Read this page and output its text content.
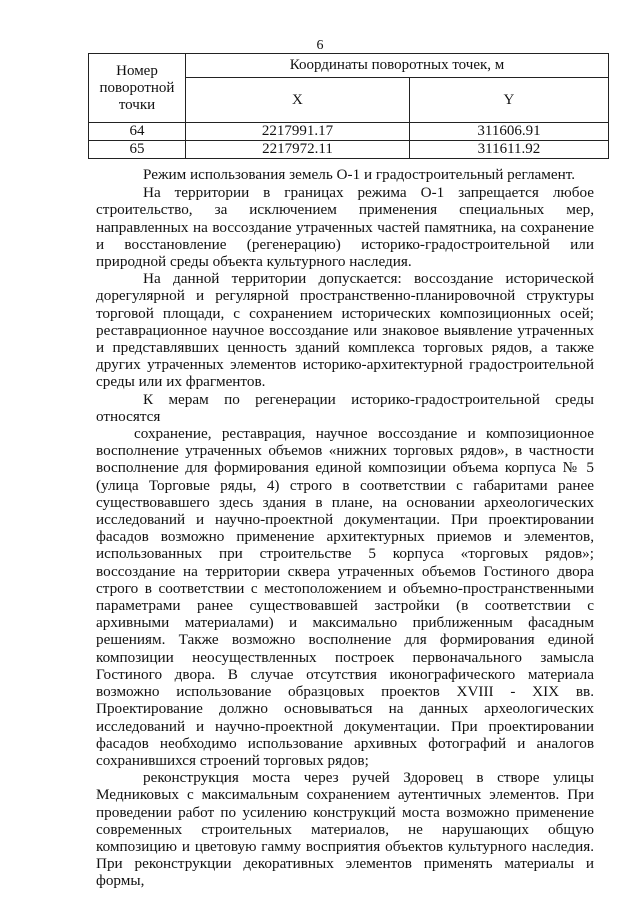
6
Номер
поворотной
точки	Координаты поворотных точек, м	
	X	Y
64	2217991.17	311606.91
65	2217972.11	311611.92

Режим использования земель О-1 и градостроительный регламент.

На территории в границах режима О-1 запрещается любое строительство, за исключением применения специальных мер, направленных на воссоздание утраченных частей памятника, на сохранение и восстановление (регенерацию) историко-градостроительной или природной среды объекта культурного наследия.

На данной территории допускается: воссоздание исторической дорегулярной и регулярной пространственно-планировочной структуры торговой площади, с сохранением исторических композиционных осей; реставрационное научное воссоздание или знаковое выявление утраченных и представлявших ценность зданий комплекса торговых рядов, а также других утраченных элементов историко-архитектурной градостроительной среды или их фрагментов.

К мерам по регенерации историко-градостроительной среды относятся

сохранение, реставрация, научное воссоздание и композиционное восполнение утраченных объемов «нижних торговых рядов», в частности восполнение для формирования единой композиции объема корпуса № 5 (улица Торговые ряды, 4) строго в соответствии с габаритами ранее существовавшего здесь здания в плане, на основании археологических исследований и научно-проектной документации. При проектировании фасадов возможно применение архитектурных приемов и элементов, использованных при строительстве 5 корпуса «торговых рядов»; воссоздание на территории сквера утраченных объемов Гостиного двора строго в соответствии с местоположением и объемно-пространственными параметрами ранее существовавшей застройки (в соответствии с архивными материалами) и максимально приближенным фасадным решениям. Также возможно восполнение для формирования единой композиции неосуществленных построек первоначального замысла Гостиного двора. В случае отсутствия иконографического материала возможно использование образцовых проектов XVIII - XIX вв. Проектирование должно основываться на данных археологических исследований и научно-проектной документации. При проектировании фасадов необходимо использование архивных фотографий и аналогов сохранившихся строений торговых рядов;

реконструкция моста через ручей Здоровец в створе улицы Медниковых с максимальным сохранением аутентичных элементов. При проведении работ по усилению конструкций моста возможно применение современных строительных материалов, не нарушающих общую композицию и цветовую гамму восприятия объектов культурного наследия. При реконструкции декоративных элементов применять материалы и формы,
